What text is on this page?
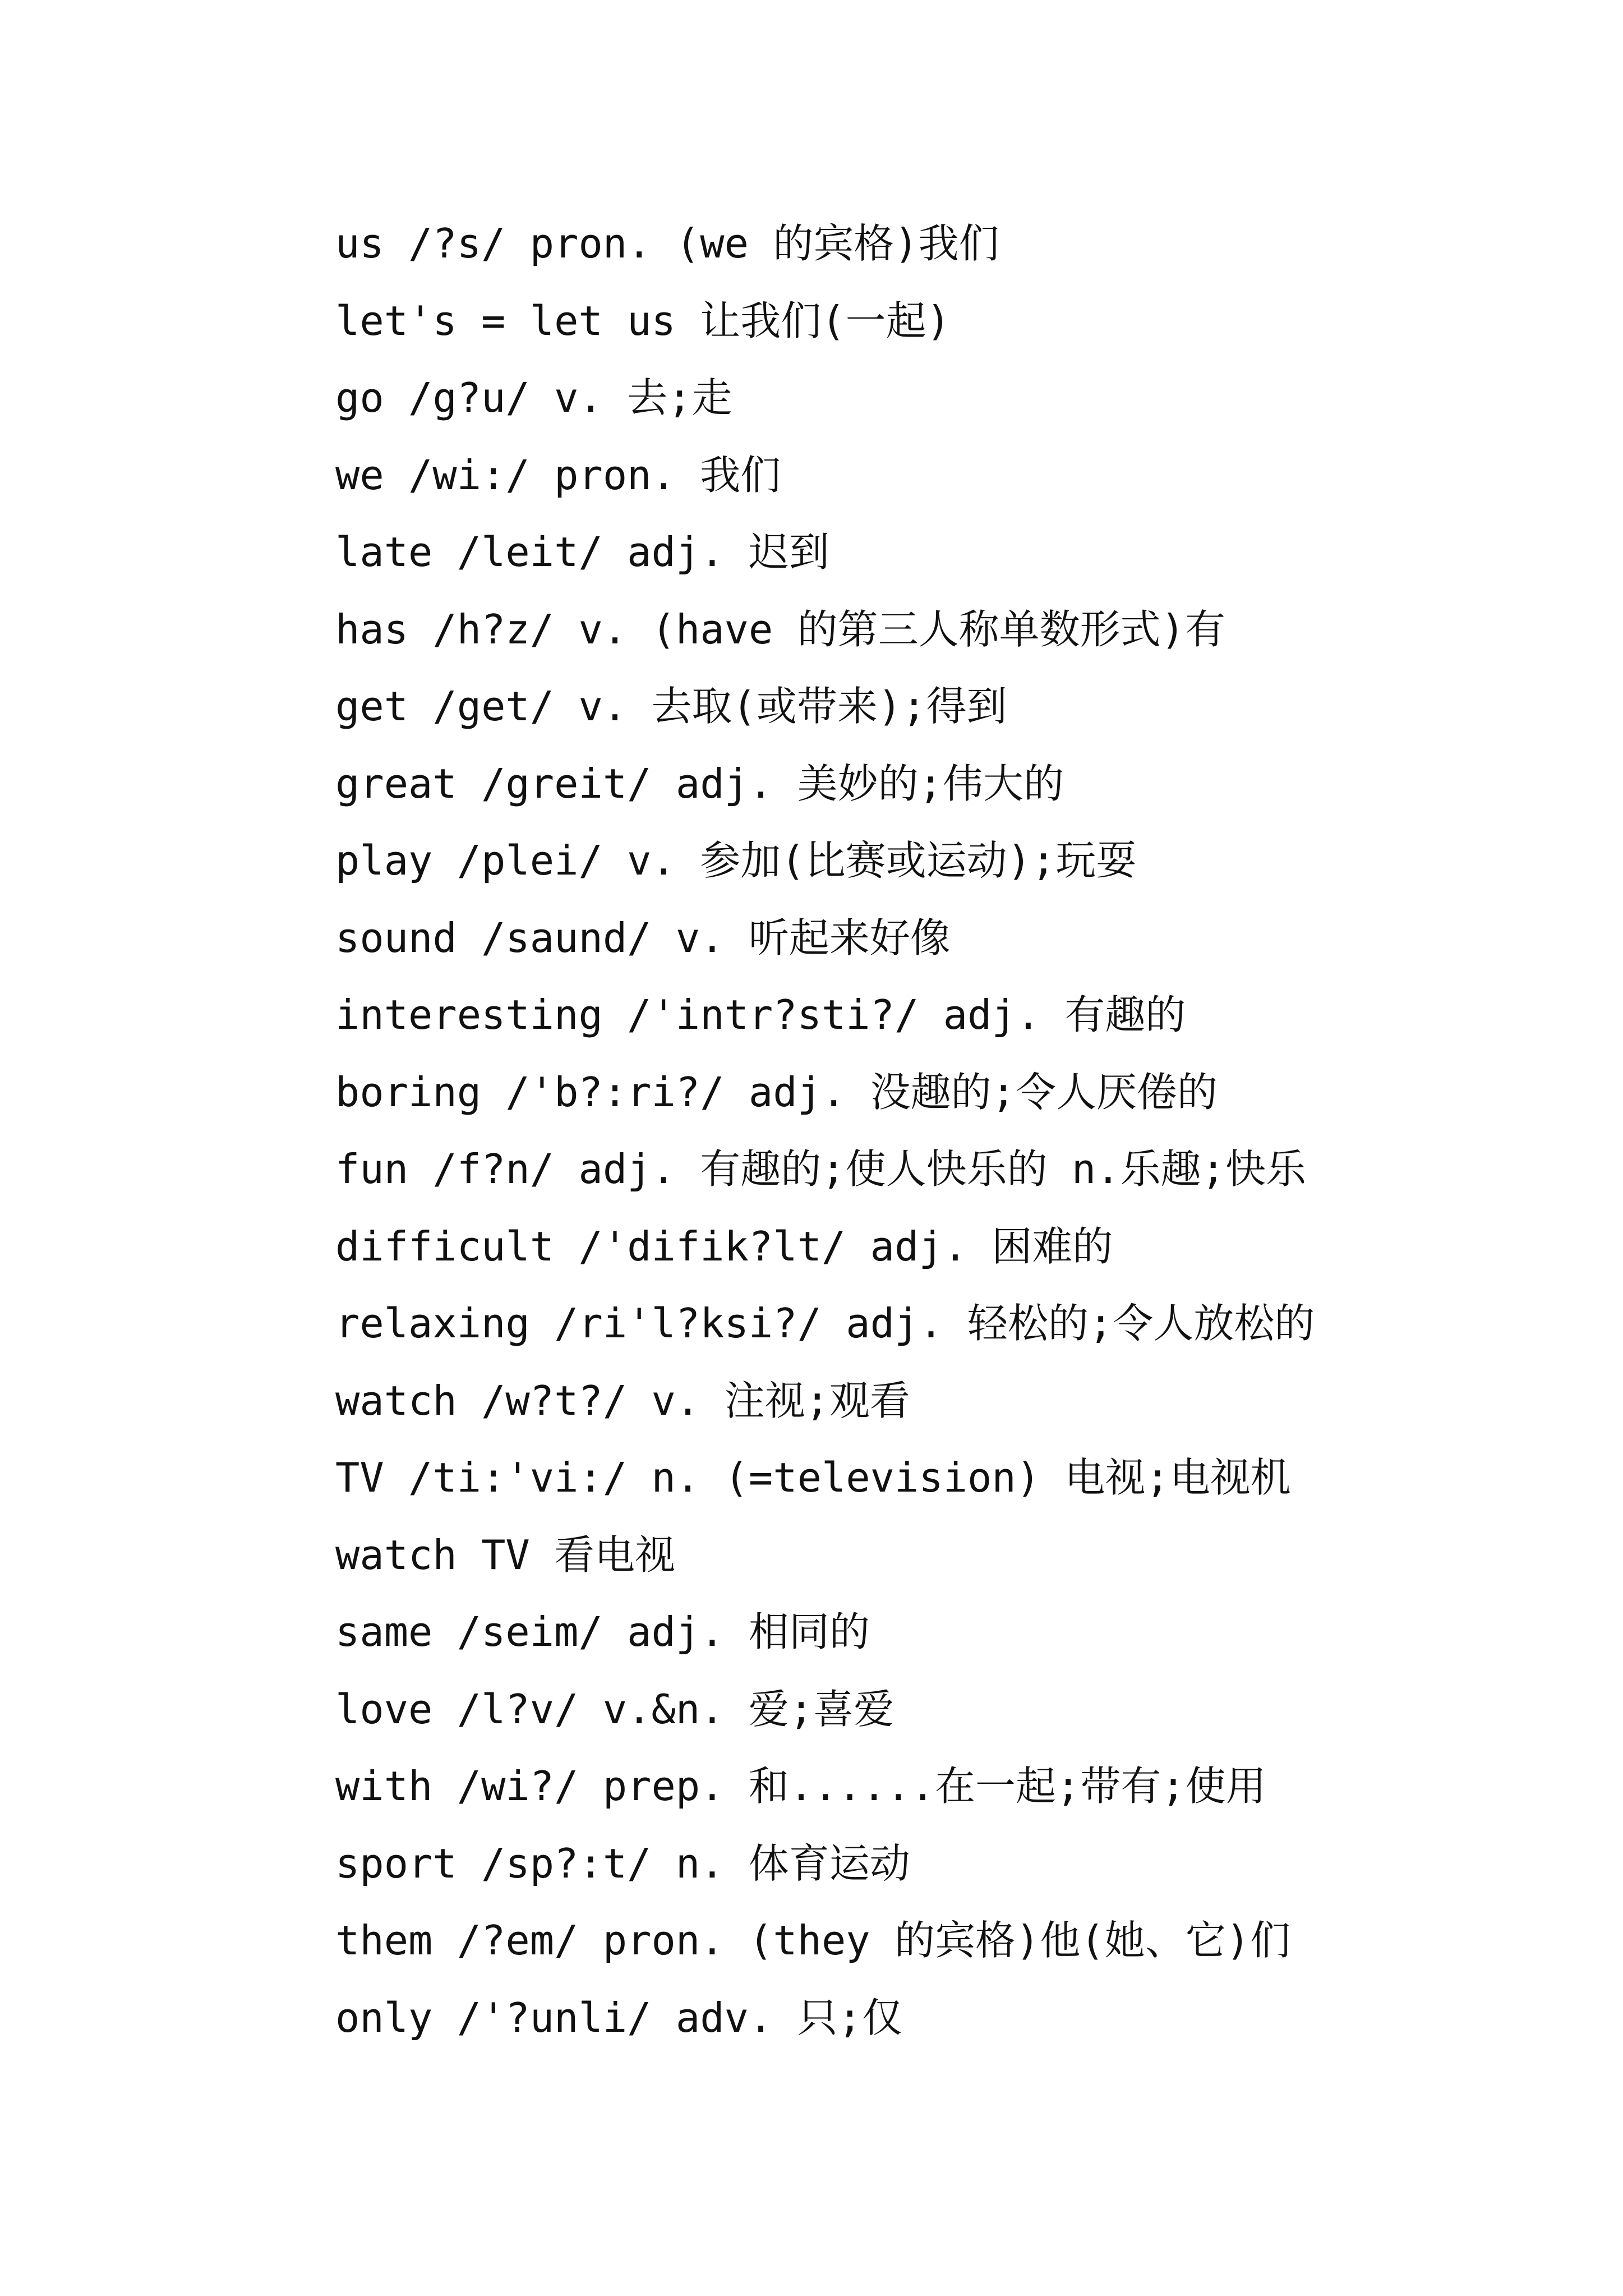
us /?s/ pron. (we 的宾格)我们
let's = let us 让我们(一起)
go /g?u/ v. 去;走
we /wi:/ pron. 我们
late /leit/ adj. 迟到
has /h?z/ v. (have 的第三人称单数形式)有
get /get/ v. 去取(或带来);得到
great /greit/ adj. 美妙的;伟大的
play /plei/ v. 参加(比赛或运动);玩耍
sound /saund/ v. 听起来好像
interesting /'intr?sti?/ adj. 有趣的
boring /'b?:ri?/ adj. 没趣的;令人厌倦的
fun /f?n/ adj. 有趣的;使人快乐的 n.乐趣;快乐
difficult /'difik?lt/ adj. 困难的
relaxing /ri'l?ksi?/ adj. 轻松的;令人放松的
watch /w?t?/ v. 注视;观看
TV /ti:'vi:/ n. (=television) 电视;电视机
watch TV 看电视
same /seim/ adj. 相同的
love /l?v/ v.&n. 爱;喜爱
with /wi?/ prep. 和......在一起;带有;使用
sport /sp?:t/ n. 体育运动
them /?em/ pron. (they 的宾格)他(她、它)们
only /'?unli/ adv. 只;仅
